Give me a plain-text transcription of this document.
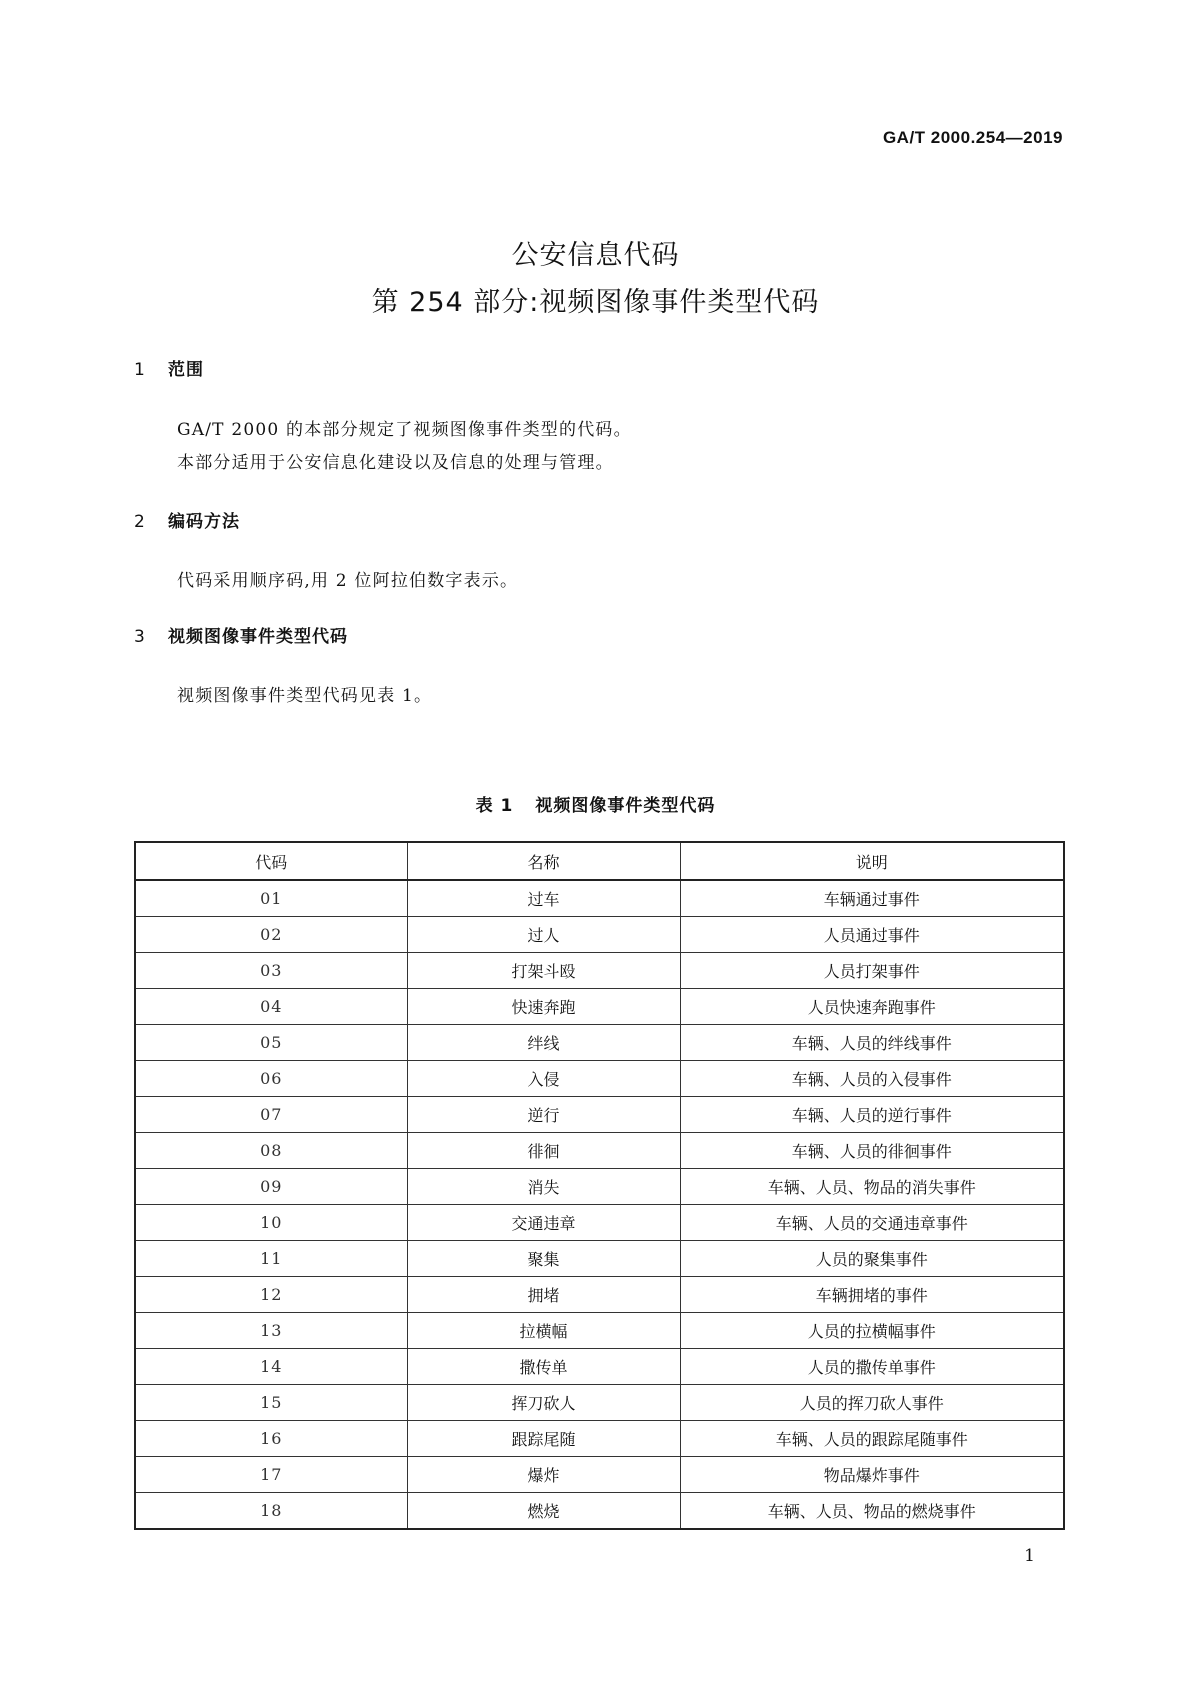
GA/T 2000.254—2019
公安信息代码
第 254 部分:视频图像事件类型代码
1 范围
GA/T 2000 的本部分规定了视频图像事件类型的代码。
本部分适用于公安信息化建设以及信息的处理与管理。
2 编码方法
代码采用顺序码,用 2 位阿拉伯数字表示。
3 视频图像事件类型代码
视频图像事件类型代码见表 1。
表 1 视频图像事件类型代码
代码	名称	说明
01	过车	车辆通过事件
02	过人	人员通过事件
03	打架斗殴	人员打架事件
04	快速奔跑	人员快速奔跑事件
05	绊线	车辆、人员的绊线事件
06	入侵	车辆、人员的入侵事件
07	逆行	车辆、人员的逆行事件
08	徘徊	车辆、人员的徘徊事件
09	消失	车辆、人员、物品的消失事件
10	交通违章	车辆、人员的交通违章事件
11	聚集	人员的聚集事件
12	拥堵	车辆拥堵的事件
13	拉横幅	人员的拉横幅事件
14	撒传单	人员的撒传单事件
15	挥刀砍人	人员的挥刀砍人事件
16	跟踪尾随	车辆、人员的跟踪尾随事件
17	爆炸	物品爆炸事件
18	燃烧	车辆、人员、物品的燃烧事件
1
